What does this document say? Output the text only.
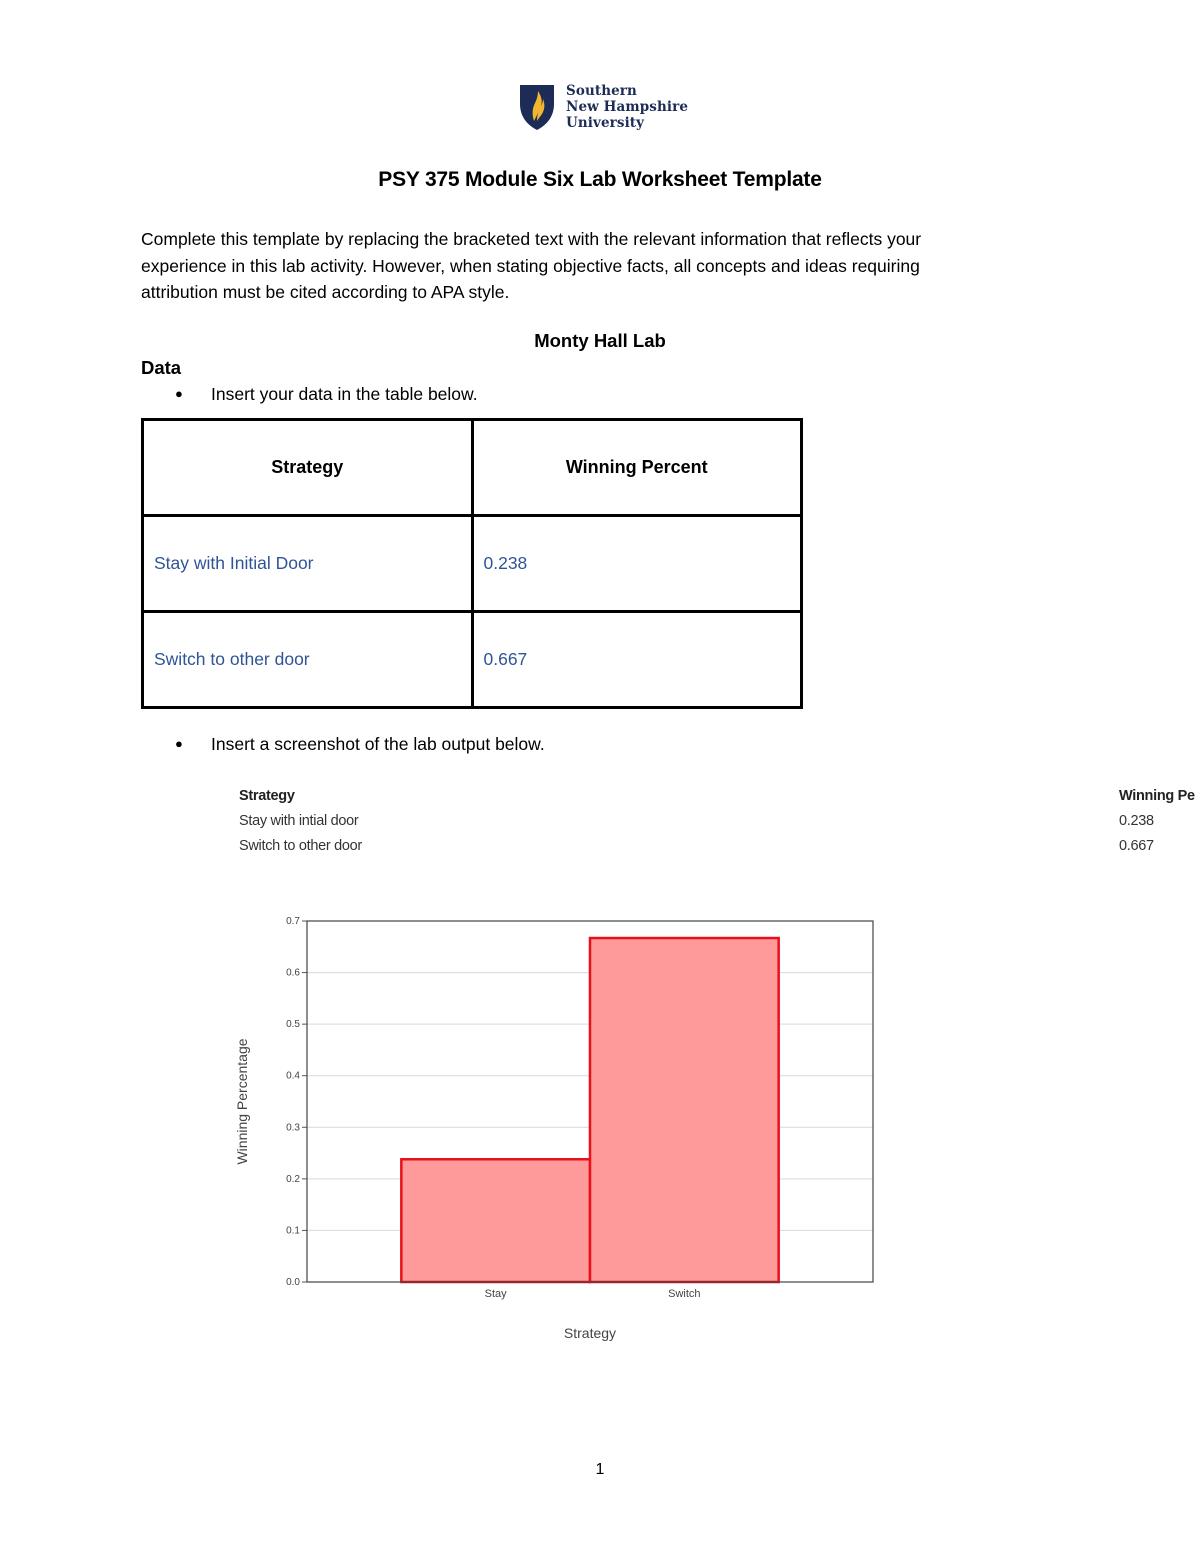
Southern
New Hampshire
University
PSY 375 Module Six Lab Worksheet Template
Complete this template by replacing the bracketed text with the relevant information that reflects your
experience in this lab activity. However, when stating objective facts, all concepts and ideas requiring
attribution must be cited according to APA style.
Monty Hall Lab
Data
● Insert your data in the table below.
Strategy	Winning Percent
Stay with Initial Door	0.238
Switch to other door	0.667
● Insert a screenshot of the lab output below.
Strategy	Winning Pe
Stay with intial door	0.238
Switch to other door	0.667
0.0
0.1
0.2
0.3
0.4
0.5
0.6
0.7
Stay	Switch
Strategy
Winning Percentage
1
